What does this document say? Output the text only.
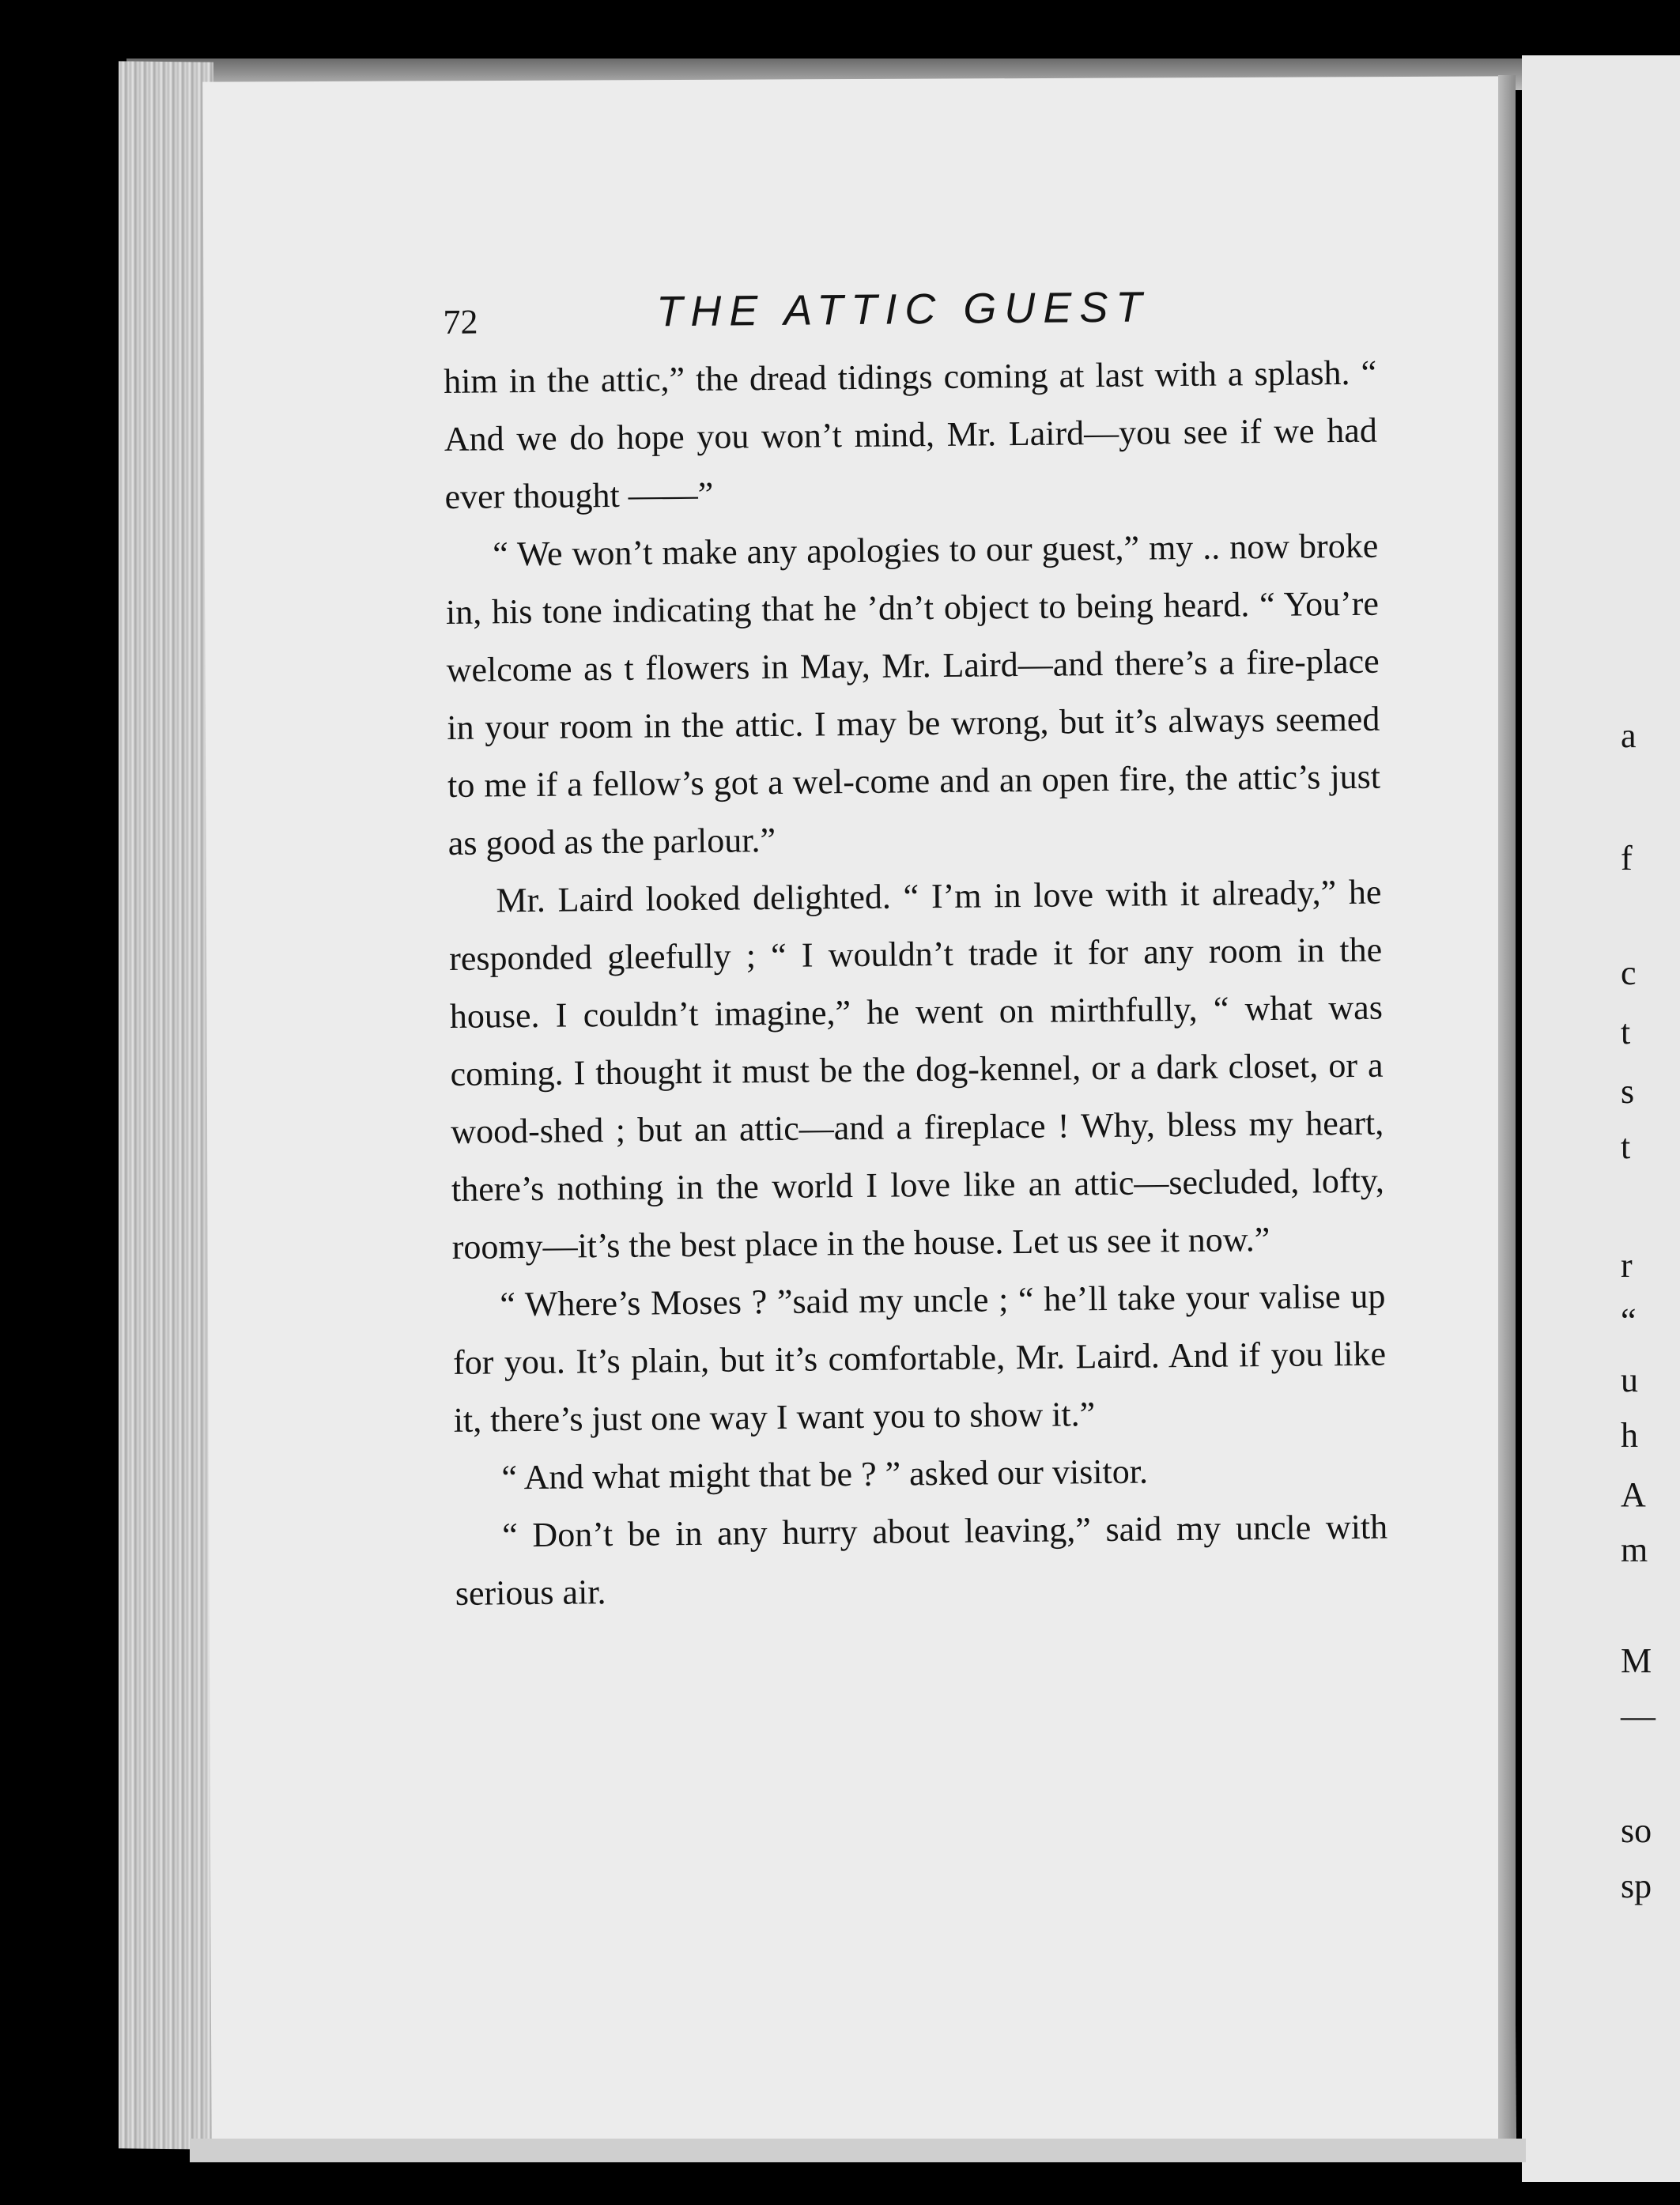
72	THE ATTIC GUEST

him in the attic,” the dread tidings coming at last with a splash. “ And we do hope you won’t mind, Mr. Laird—you see if we had ever thought ——”

“ We won’t make any apologies to our guest,” my .. now broke in, his tone indicating that he ’dn’t object to being heard. “ You’re welcome as t flowers in May, Mr. Laird—and there’s a fire-place in your room in the attic. I may be wrong, but it’s always seemed to me if a fellow’s got a wel-come and an open fire, the attic’s just as good as the parlour.”

Mr. Laird looked delighted. “ I’m in love with it already,” he responded gleefully ; “ I wouldn’t trade it for any room in the house. I couldn’t imagine,” he went on mirthfully, “ what was coming. I thought it must be the dog-kennel, or a dark closet, or a wood-shed ; but an attic—and a fireplace ! Why, bless my heart, there’s nothing in the world I love like an attic—secluded, lofty, roomy—it’s the best place in the house. Let us see it now.”

“ Where’s Moses ? ”said my uncle ; “ he’ll take your valise up for you. It’s plain, but it’s comfortable, Mr. Laird. And if you like it, there’s just one way I want you to show it.”

“ And what might that be ? ” asked our visitor.

“ Don’t be in any hurry about leaving,” said my uncle with serious air.

a
f
c
t
s
t
r
“
u
h
A
m
M
—
so
sp
